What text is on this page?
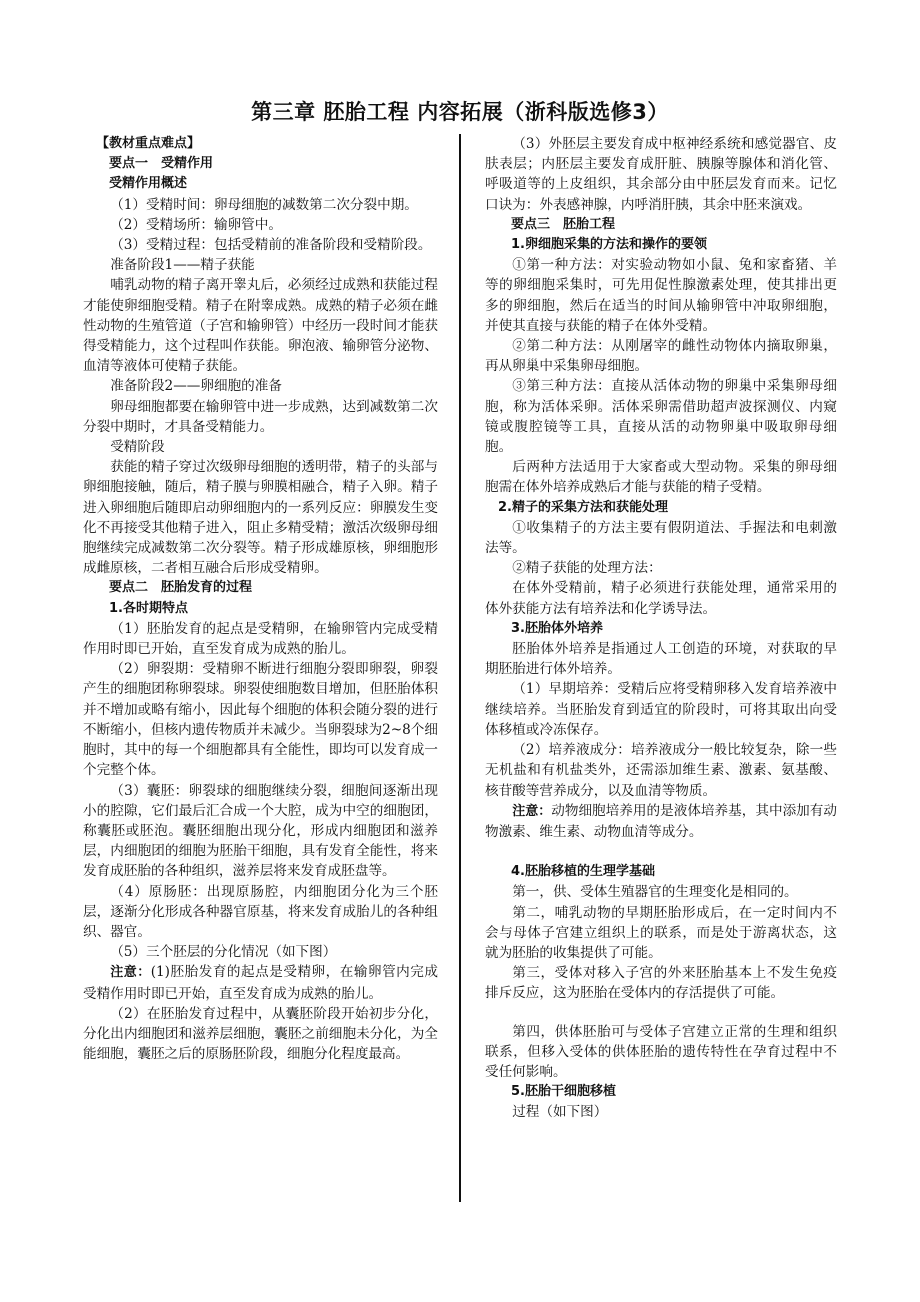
第三章 胚胎工程 内容拓展（浙科版选修3）

【教材重点难点】

要点一　受精作用

受精作用概述

（1）受精时间：卵母细胞的减数第二次分裂中期。

（2）受精场所：输卵管中。

（3）受精过程：包括受精前的准备阶段和受精阶段。

准备阶段1——精子获能

哺乳动物的精子离开睾丸后，必须经过成熟和获能过程才能使卵细胞受精。精子在附睾成熟。成熟的精子必须在雌性动物的生殖管道（子宫和输卵管）中经历一段时间才能获得受精能力，这个过程叫作获能。卵泡液、输卵管分泌物、血清等液体可使精子获能。

准备阶段2——卵细胞的准备

卵母细胞都要在输卵管中进一步成熟，达到减数第二次分裂中期时，才具备受精能力。

受精阶段

获能的精子穿过次级卵母细胞的透明带，精子的头部与卵细胞接触，随后，精子膜与卵膜相融合，精子入卵。精子进入卵细胞后随即启动卵细胞内的一系列反应：卵膜发生变化不再接受其他精子进入，阻止多精受精；激活次级卵母细胞继续完成减数第二次分裂等。精子形成雄原核，卵细胞形成雌原核，二者相互融合后形成受精卵。

要点二　胚胎发育的过程

1.各时期特点

（1）胚胎发育的起点是受精卵，在输卵管内完成受精作用时即已开始，直至发育成为成熟的胎儿。

（2）卵裂期：受精卵不断进行细胞分裂即卵裂，卵裂产生的细胞团称卵裂球。卵裂使细胞数目增加，但胚胎体积并不增加或略有缩小，因此每个细胞的体积会随分裂的进行不断缩小，但核内遗传物质并未减少。当卵裂球为2~8个细胞时，其中的每一个细胞都具有全能性，即均可以发育成一个完整个体。

（3）囊胚：卵裂球的细胞继续分裂，细胞间逐渐出现小的腔隙，它们最后汇合成一个大腔，成为中空的细胞团，称囊胚或胚泡。囊胚细胞出现分化，形成内细胞团和滋养层，内细胞团的细胞为胚胎干细胞，具有发育全能性，将来发育成胚胎的各种组织，滋养层将来发育成胚盘等。

（4）原肠胚：出现原肠腔，内细胞团分化为三个胚层，逐渐分化形成各种器官原基，将来发育成胎儿的各种组织、器官。

（5）三个胚层的分化情况（如下图）

注意：(1)胚胎发育的起点是受精卵，在输卵管内完成受精作用时即已开始，直至发育成为成熟的胎儿。

（2）在胚胎发育过程中，从囊胚阶段开始初步分化，分化出内细胞团和滋养层细胞，囊胚之前细胞未分化，为全能细胞，囊胚之后的原肠胚阶段，细胞分化程度最高。

（3）外胚层主要发育成中枢神经系统和感觉器官、皮肤表层；内胚层主要发育成肝脏、胰腺等腺体和消化管、呼吸道等的上皮组织，其余部分由中胚层发育而来。记忆口诀为：外表感神腺，内呼消肝胰，其余中胚来演戏。

要点三　胚胎工程

1.卵细胞采集的方法和操作的要领

①第一种方法：对实验动物如小鼠、兔和家畜猪、羊等的卵细胞采集时，可先用促性腺激素处理，使其排出更多的卵细胞，然后在适当的时间从输卵管中冲取卵细胞，并使其直接与获能的精子在体外受精。

②第二种方法：从刚屠宰的雌性动物体内摘取卵巢，再从卵巢中采集卵母细胞。

③第三种方法：直接从活体动物的卵巢中采集卵母细胞，称为活体采卵。活体采卵需借助超声波探测仪、内窥镜或腹腔镜等工具，直接从活的动物卵巢中吸取卵母细胞。

后两种方法适用于大家畜或大型动物。采集的卵母细胞需在体外培养成熟后才能与获能的精子受精。

2.精子的采集方法和获能处理

①收集精子的方法主要有假阴道法、手握法和电刺激法等。

②精子获能的处理方法：

在体外受精前，精子必须进行获能处理，通常采用的体外获能方法有培养法和化学诱导法。

3.胚胎体外培养

胚胎体外培养是指通过人工创造的环境，对获取的早期胚胎进行体外培养。

（1）早期培养：受精后应将受精卵移入发育培养液中继续培养。当胚胎发育到适宜的阶段时，可将其取出向受体移植或冷冻保存。

（2）培养液成分：培养液成分一般比较复杂，除一些无机盐和有机盐类外，还需添加维生素、激素、氨基酸、核苷酸等营养成分，以及血清等物质。

注意：动物细胞培养用的是液体培养基，其中添加有动物激素、维生素、动物血清等成分。

4.胚胎移植的生理学基础

第一，供、受体生殖器官的生理变化是相同的。

第二，哺乳动物的早期胚胎形成后，在一定时间内不会与母体子宫建立组织上的联系，而是处于游离状态，这就为胚胎的收集提供了可能。

第三，受体对移入子宫的外来胚胎基本上不发生免疫排斥反应，这为胚胎在受体内的存活提供了可能。

第四，供体胚胎可与受体子宫建立正常的生理和组织联系，但移入受体的供体胚胎的遗传特性在孕育过程中不受任何影响。

5.胚胎干细胞移植

过程（如下图）
